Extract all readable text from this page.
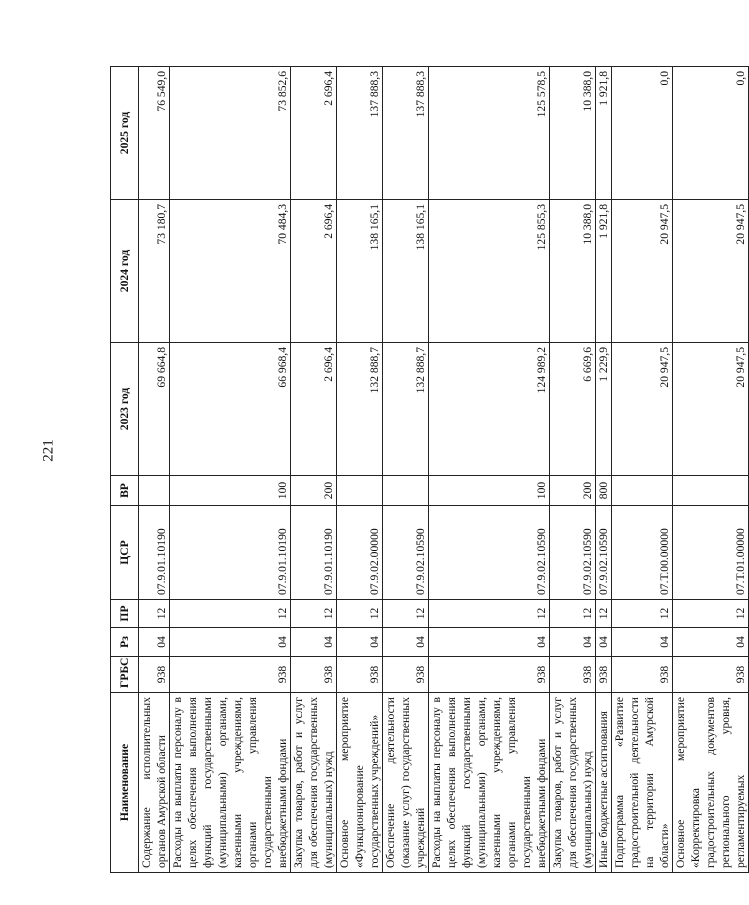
221
Наименование	ГРБС	Рз	ПР	ЦСР	ВР	2023 год	2024 год	2025 год
Содержание исполнительных органов Амурской области	938	04	12	07.9.01.10190		69 664,8	73 180,7	76 549,0
Расходы на выплаты персоналу в целях обеспечения выполнения функций государственными (муниципальными) органами, казенными учреждениями, органами управления государственными внебюджетными фондами	938	04	12	07.9.01.10190	100	66 968,4	70 484,3	73 852,6
Закупка товаров, работ и услуг для обеспечения государственных (муниципальных) нужд	938	04	12	07.9.01.10190	200	2 696,4	2 696,4	2 696,4
Основное мероприятие «Функционирование государственных учреждений»	938	04	12	07.9.02.00000		132 888,7	138 165,1	137 888,3
Обеспечение деятельности (оказание услуг) государственных учреждений	938	04	12	07.9.02.10590		132 888,7	138 165,1	137 888,3
Расходы на выплаты персоналу в целях обеспечения выполнения функций государственными (муниципальными) органами, казенными учреждениями, органами управления государственными внебюджетными фондами	938	04	12	07.9.02.10590	100	124 989,2	125 855,3	125 578,5
Закупка товаров, работ и услуг для обеспечения государственных (муниципальных) нужд	938	04	12	07.9.02.10590	200	6 669,6	10 388,0	10 388,0
Иные бюджетные ассигнования	938	04	12	07.9.02.10590	800	1 229,9	1 921,8	1 921,8
Подпрограмма «Развитие градостроительной деятельности на территории Амурской области»	938	04	12	07.Т.00.00000		20 947,5	20 947,5	0,0
Основное мероприятие «Корректировка градостроительных документов регионального уровня, регламентируемых	938	04	12	07.Т.01.00000		20 947,5	20 947,5	0,0
